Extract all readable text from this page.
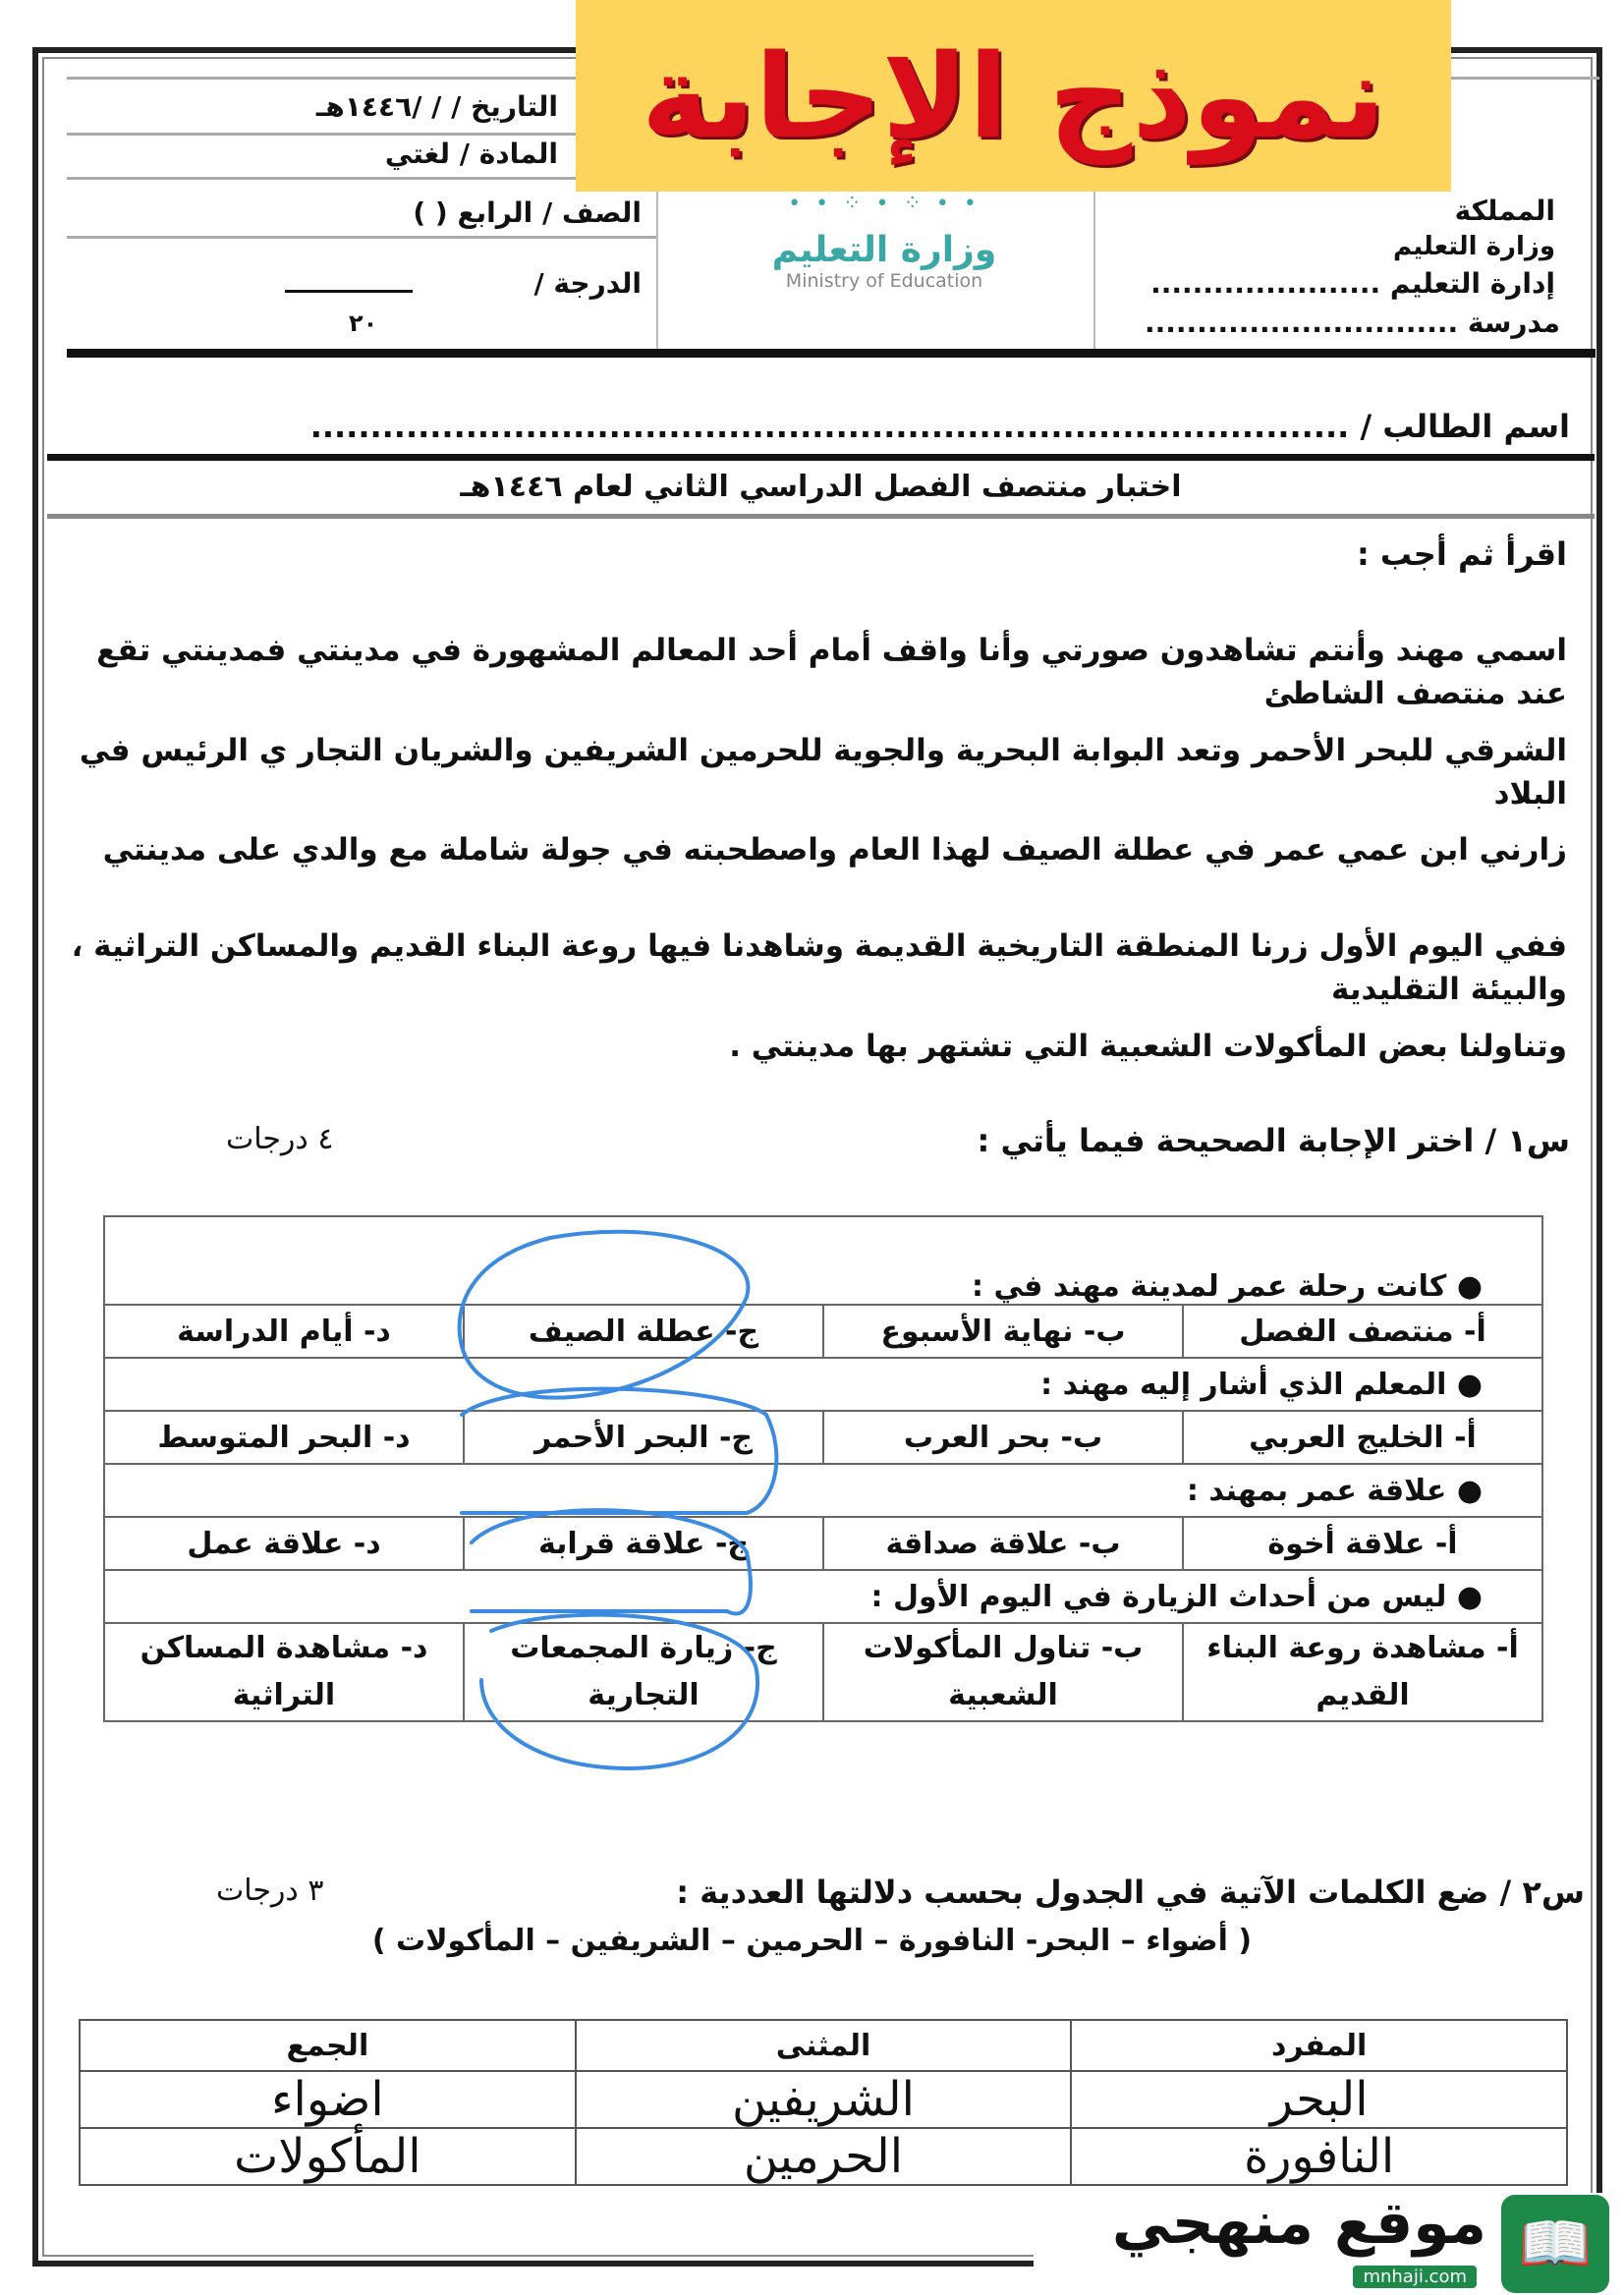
المملكة
وزارة التعليم
إدارة التعليم ......................
مدرسة ..............................
• • ⁘ • ⁘ • •
وزارة التعليم
Ministry of Education
التاريخ / / /١٤٤٦هـ
المادة / لغتي
الصف / الرابع ( )
الدرجة /
٢٠
نموذج الإجابة
اسم الطالب / .......................................................................................
اختبار منتصف الفصل الدراسي الثاني لعام ١٤٤٦هـ
اقرأ ثم أجب :
اسمي مهند وأنتم تشاهدون صورتي وأنا واقف أمام أحد المعالم المشهورة في مدينتي فمدينتي تقع عند منتصف الشاطئ
الشرقي للبحر الأحمر وتعد البوابة البحرية والجوية للحرمين الشريفين والشريان التجار ي الرئيس في البلاد
زارني ابن عمي عمر في عطلة الصيف لهذا العام واصطحبته في جولة شاملة مع والدي على مدينتي
ففي اليوم الأول زرنا المنطقة التاريخية القديمة وشاهدنا فيها روعة البناء القديم والمساكن التراثية ، والبيئة التقليدية
وتناولنا بعض المأكولات الشعبية التي تشتهر بها مدينتي .
س١ / اختر الإجابة الصحيحة فيما يأتي :
٤ درجات
● كانت رحلة عمر لمدينة مهند في :			
أ- منتصف الفصل	ب- نهاية الأسبوع	ج- عطلة الصيف	د- أيام الدراسة
● المعلم الذي أشار إليه مهند :			
أ- الخليج العربي	ب- بحر العرب	ج- البحر الأحمر	د- البحر المتوسط
● علاقة عمر بمهند :			
أ- علاقة أخوة	ب- علاقة صداقة	ج- علاقة قرابة	د- علاقة عمل
● ليس من أحداث الزيارة في اليوم الأول :			
أ- مشاهدة روعة البناء القديم	ب- تناول المأكولات الشعبية	ج- زيارة المجمعات التجارية	د- مشاهدة المساكن التراثية
س٢ / ضع الكلمات الآتية في الجدول بحسب دلالتها العددية :
٣ درجات
( أضواء – البحر- النافورة – الحرمين – الشريفين – المأكولات )
المفرد	المثنى	الجمع
البحر	الشريفين	اضواء
النافورة	الحرمين	المأكولات
📖
موقع منهجي
mnhaji.com
